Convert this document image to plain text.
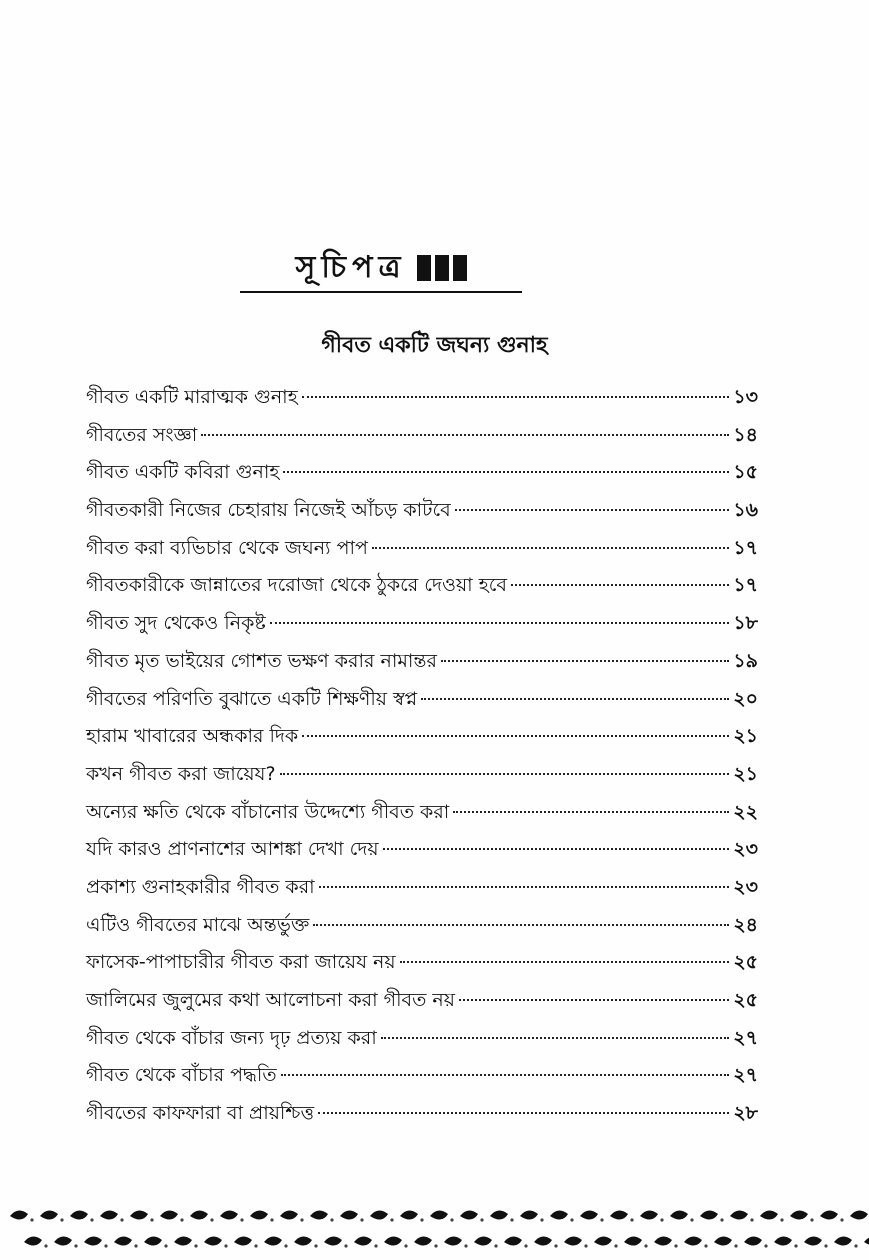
সূচিপত্র
গীবত একটি জঘন্য গুনাহ
গীবত একটি মারাত্মক গুনাহ	১৩
গীবতের সংজ্ঞা	১৪
গীবত একটি কবিরা গুনাহ	১৫
গীবতকারী নিজের চেহারায় নিজেই আঁচড় কাটবে	১৬
গীবত করা ব্যভিচার থেকে জঘন্য পাপ	১৭
গীবতকারীকে জান্নাতের দরোজা থেকে ঠুকরে দেওয়া হবে	১৭
গীবত সুদ থেকেও নিকৃষ্ট	১৮
গীবত মৃত ভাইয়ের গোশত ভক্ষণ করার নামান্তর	১৯
গীবতের পরিণতি বুঝাতে একটি শিক্ষণীয় স্বপ্ন	২০
হারাম খাবারের অন্ধকার দিক	২১
কখন গীবত করা জায়েয?	২১
অন্যের ক্ষতি থেকে বাঁচানোর উদ্দেশ্যে গীবত করা	২২
যদি কারও প্রাণনাশের আশঙ্কা দেখা দেয়	২৩
প্রকাশ্য গুনাহকারীর গীবত করা	২৩
এটিও গীবতের মাঝে অন্তর্ভুক্ত	২৪
ফাসেক-পাপাচারীর গীবত করা জায়েয নয়	২৫
জালিমের জুলুমের কথা আলোচনা করা গীবত নয়	২৫
গীবত থেকে বাঁচার জন্য দৃঢ় প্রত্যয় করা	২৭
গীবত থেকে বাঁচার পদ্ধতি	২৭
গীবতের কাফফারা বা প্রায়শ্চিত্ত	২৮
